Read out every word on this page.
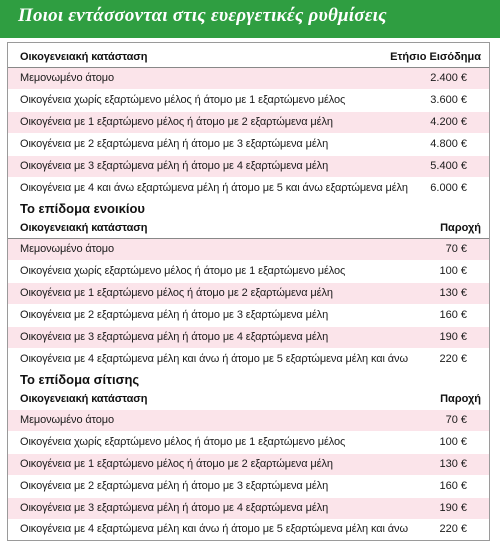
Ποιοι εντάσσονται στις ευεργετικές ρυθμίσεις
Οικογενειακή κατάσταση	Ετήσιο Εισόδημα
Μεμονωμένο άτομο	2.400 €
Οικογένεια χωρίς εξαρτώμενο μέλος ή άτομο με 1 εξαρτώμενο μέλος	3.600 €
Οικογένεια με 1 εξαρτώμενο μέλος ή άτομο με 2 εξαρτώμενα μέλη	4.200 €
Οικογένεια με 2 εξαρτώμενα μέλη ή άτομο με 3 εξαρτώμενα μέλη	4.800 €
Οικογένεια με 3 εξαρτώμενα μέλη ή άτομο με 4 εξαρτώμενα μέλη	5.400 €
Οικογένεια με 4 και άνω εξαρτώμενα μέλη ή άτομο με 5 και άνω εξαρτώμενα μέλη 6.000 €
Το επίδομα ενοικίου
Οικογενειακή κατάσταση	Παροχή
Μεμονωμένο άτομο	70 €
Οικογένεια χωρίς εξαρτώμενο μέλος ή άτομο με 1 εξαρτώμενο μέλος	100 €
Οικογένεια με 1 εξαρτώμενο μέλος ή άτομο με 2 εξαρτώμενα μέλη	130 €
Οικογένεια με 2 εξαρτώμενα μέλη ή άτομο με 3 εξαρτώμενα μέλη	160 €
Οικογένεια με 3 εξαρτώμενα μέλη ή άτομο με 4 εξαρτώμενα μέλη	190 €
Οικογένεια με 4 εξαρτώμενα μέλη και άνω ή άτομο με 5 εξαρτώμενα μέλη και άνω	220 €
Το επίδομα σίτισης
Οικογενειακή κατάσταση	Παροχή
Μεμονωμένο άτομο	70 €
Οικογένεια χωρίς εξαρτώμενο μέλος ή άτομο με 1 εξαρτώμενο μέλος	100 €
Οικογένεια με 1 εξαρτώμενο μέλος ή άτομο με 2 εξαρτώμενα μέλη	130 €
Οικογένεια με 2 εξαρτώμενα μέλη ή άτομο με 3 εξαρτώμενα μέλη	160 €
Οικογένεια με 3 εξαρτώμενα μέλη ή άτομο με 4 εξαρτώμενα μέλη	190 €
Οικογένεια με 4 εξαρτώμενα μέλη και άνω ή άτομο με 5 εξαρτώμενα μέλη και άνω	220 €
